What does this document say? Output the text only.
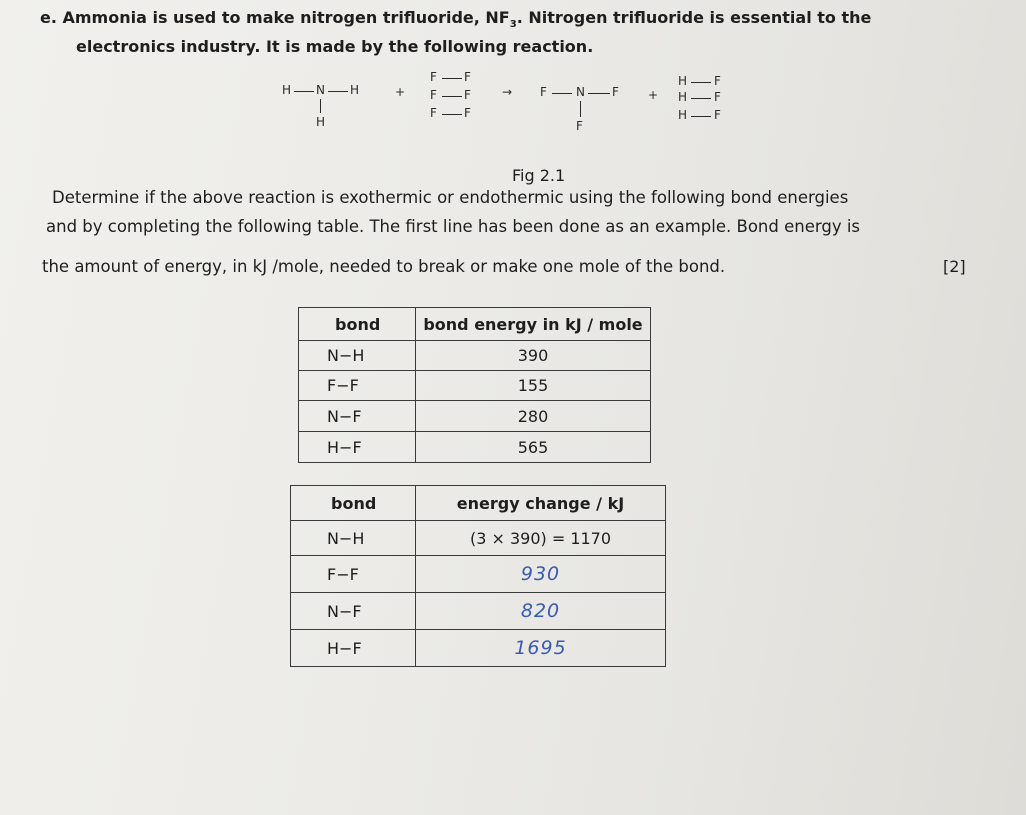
e. Ammonia is used to make nitrogen trifluoride, $NF_3$. Nitrogen trifluoride is essential to the
electronics industry. It is made by the following reaction.
H N H
H
+
F F
F F
F F
→ F N F
F
+
H F
H F
H F
Fig 2.1
Determine if the above reaction is exothermic or endothermic using the following bond energies
and by completing the following table. The first line has been done as an example. Bond energy is
the amount of energy, in kJ /mole, needed to break or make one mole of the bond.	[2]
bond	bond energy in kJ / mole
N−H	390
F−F	155
N−F	280
H−F	565
bond	energy change / kJ
N−H	(3 × 390) = 1170
F−F	930
N−F	820
H−F	1695
